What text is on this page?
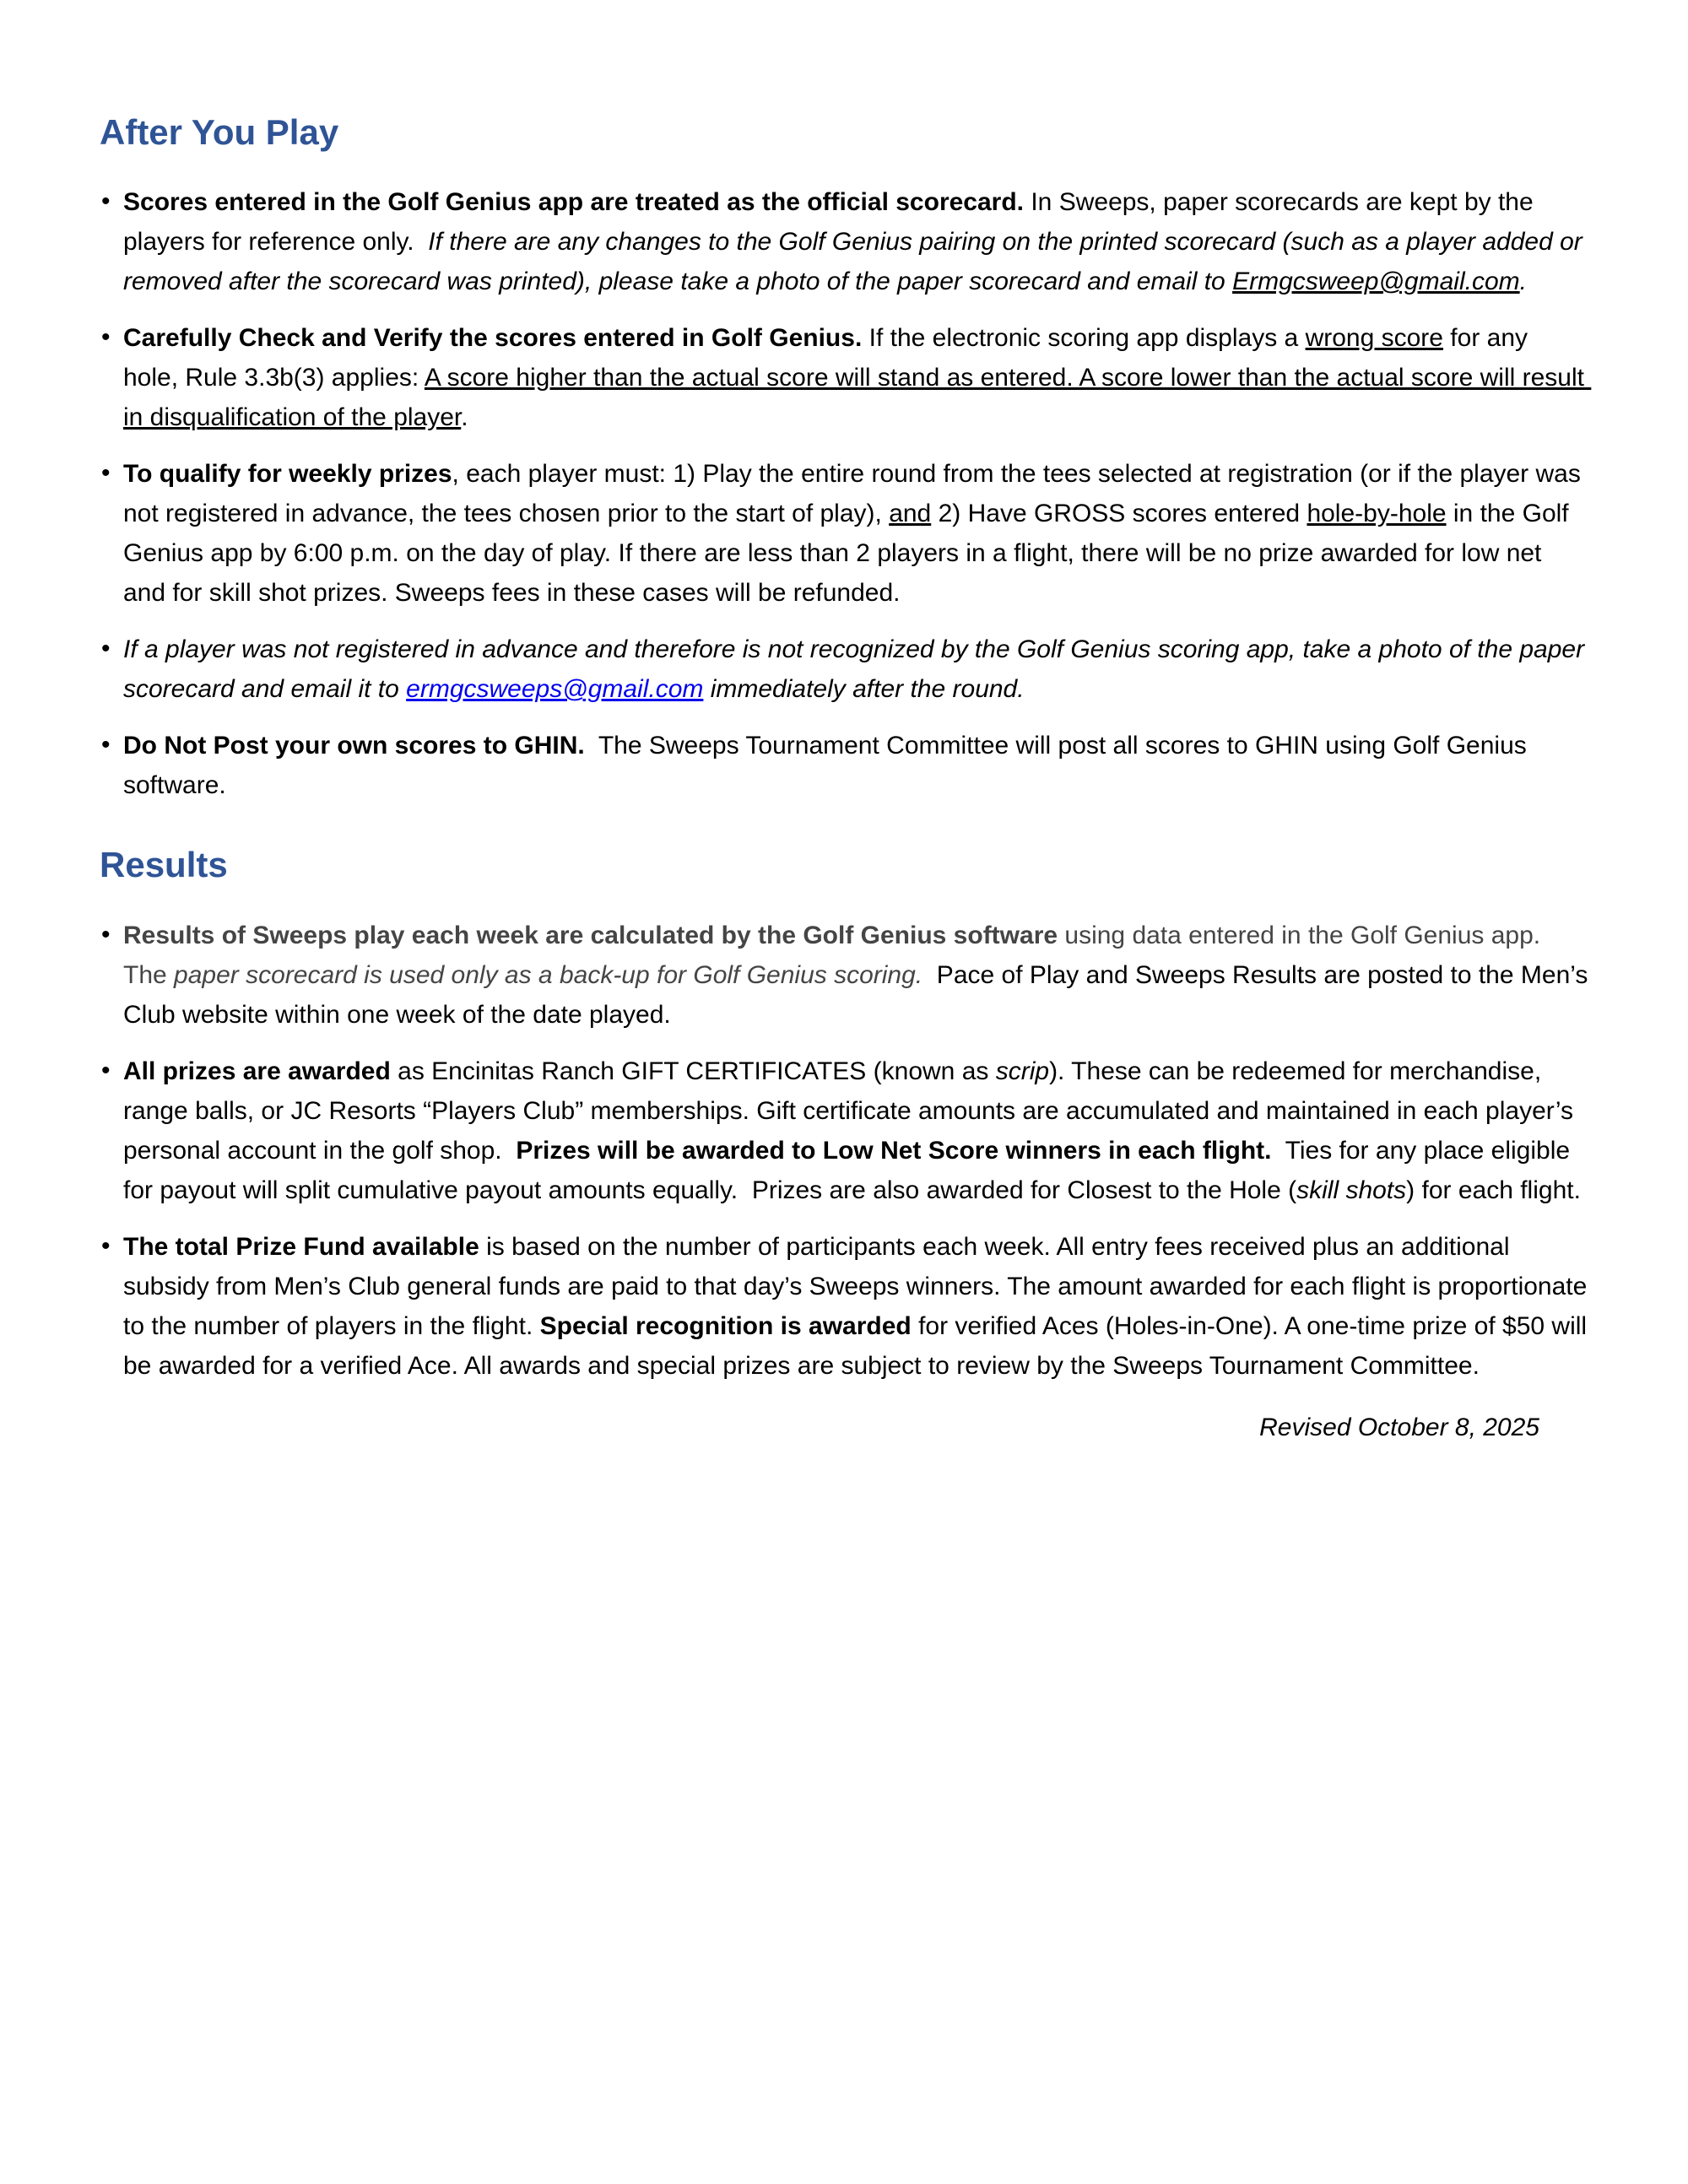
After You Play
• Scores entered in the Golf Genius app are treated as the official scorecard. In Sweeps, paper scorecards are kept by the players for reference only.  If there are any changes to the Golf Genius pairing on the printed scorecard (such as a player added or removed after the scorecard was printed), please take a photo of the paper scorecard and email to Ermgcsweep@gmail.com.
• Carefully Check and Verify the scores entered in Golf Genius. If the electronic scoring app displays a wrong score for any hole, Rule 3.3b(3) applies: A score higher than the actual score will stand as entered. A score lower than the actual score will result in disqualification of the player.
• To qualify for weekly prizes, each player must: 1) Play the entire round from the tees selected at registration (or if the player was not registered in advance, the tees chosen prior to the start of play), and 2) Have GROSS scores entered hole-by-hole in the Golf Genius app by 6:00 p.m. on the day of play. If there are less than 2 players in a flight, there will be no prize awarded for low net and for skill shot prizes. Sweeps fees in these cases will be refunded.
• If a player was not registered in advance and therefore is not recognized by the Golf Genius scoring app, take a photo of the paper scorecard and email it to ermgcsweeps@gmail.com immediately after the round.
• Do Not Post your own scores to GHIN.  The Sweeps Tournament Committee will post all scores to GHIN using Golf Genius software.
Results
• Results of Sweeps play each week are calculated by the Golf Genius software using data entered in the Golf Genius app. The paper scorecard is used only as a back-up for Golf Genius scoring.  Pace of Play and Sweeps Results are posted to the Men’s Club website within one week of the date played.
• All prizes are awarded as Encinitas Ranch GIFT CERTIFICATES (known as scrip). These can be redeemed for merchandise, range balls, or JC Resorts “Players Club” memberships. Gift certificate amounts are accumulated and maintained in each player’s personal account in the golf shop.  Prizes will be awarded to Low Net Score winners in each flight.  Ties for any place eligible for payout will split cumulative payout amounts equally.  Prizes are also awarded for Closest to the Hole (skill shots) for each flight.
• The total Prize Fund available is based on the number of participants each week. All entry fees received plus an additional subsidy from Men’s Club general funds are paid to that day’s Sweeps winners. The amount awarded for each flight is proportionate to the number of players in the flight. Special recognition is awarded for verified Aces (Holes-in-One). A one-time prize of $50 will be awarded for a verified Ace. All awards and special prizes are subject to review by the Sweeps Tournament Committee.

Revised October 8, 2025
